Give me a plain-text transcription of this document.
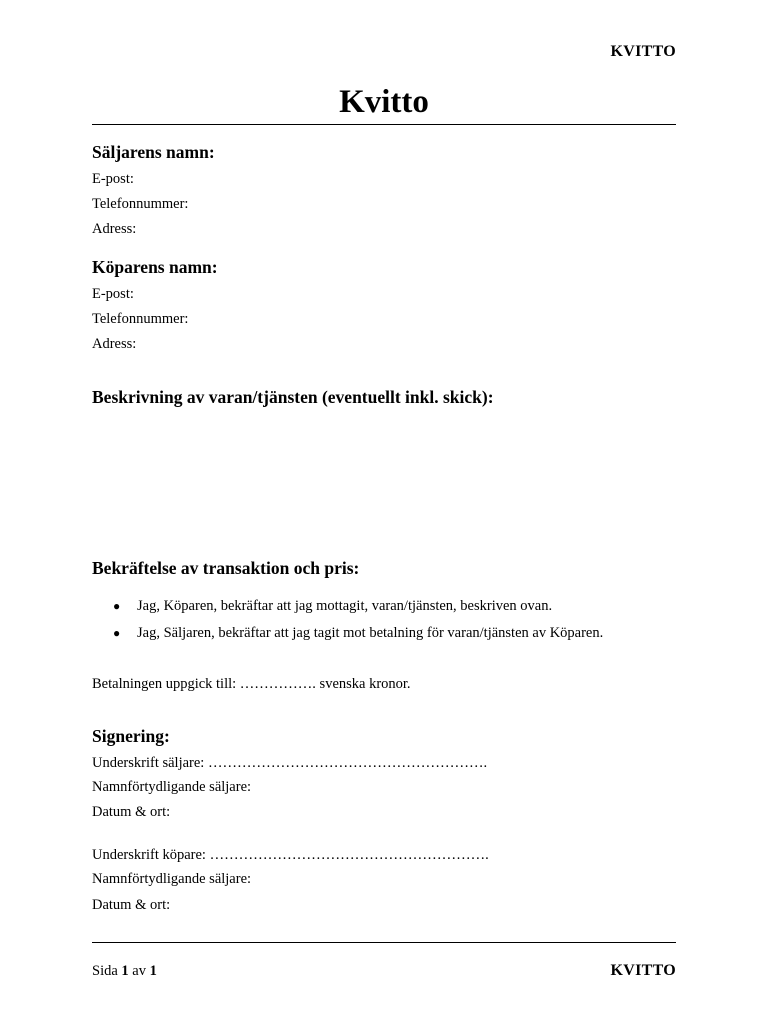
KVITTO
Kvitto
Säljarens namn:
E-post:
Telefonnummer:
Adress:
Köparens namn:
E-post:
Telefonnummer:
Adress:
Beskrivning av varan/tjänsten (eventuellt inkl. skick):
Bekräftelse av transaktion och pris:
● Jag, Köparen, bekräftar att jag mottagit, varan/tjänsten, beskriven ovan.
● Jag, Säljaren, bekräftar att jag tagit mot betalning för varan/tjänsten av Köparen.
Betalningen uppgick till: ……………. svenska kronor.
Signering:
Underskrift säljare: ………………………………………………….
Namnförtydligande säljare:
Datum & ort:
Underskrift köpare: ………………………………………………….
Namnförtydligande säljare:
Datum & ort:
Sida 1 av 1	KVITTO
